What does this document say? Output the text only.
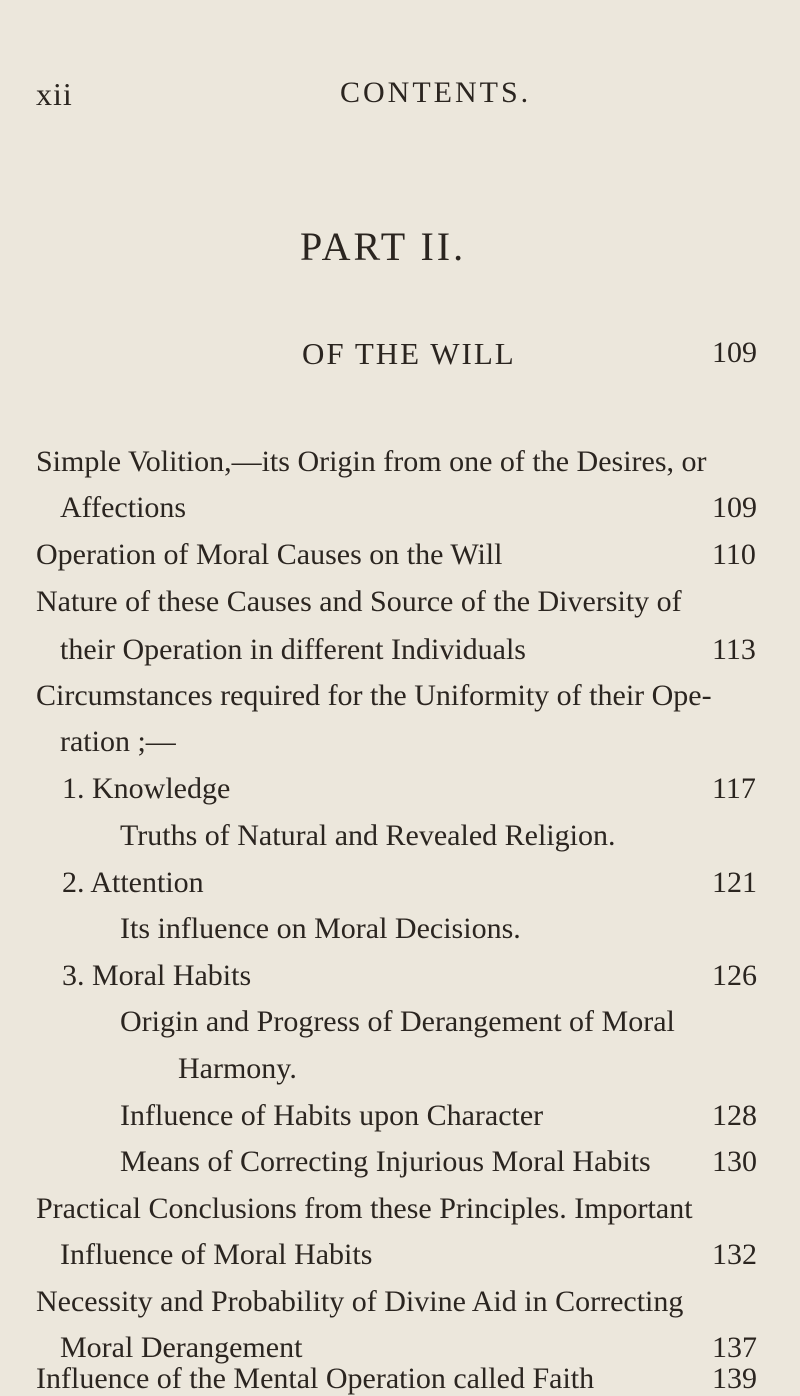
xii	CONTENTS.
PART II.
OF THE WILL	109
Simple Volition,—its Origin from one of the Desires, or
Affections	109
Operation of Moral Causes on the Will	110
Nature of these Causes and Source of the Diversity of
their Operation in different Individuals	113
Circumstances required for the Uniformity of their Ope-
ration ;—
1. Knowledge	117
Truths of Natural and Revealed Religion.
2. Attention	121
Its influence on Moral Decisions.
3. Moral Habits	126
Origin and Progress of Derangement of Moral
Harmony.
Influence of Habits upon Character	128
Means of Correcting Injurious Moral Habits 130
Practical Conclusions from these Principles. Important
Influence of Moral Habits	132
Necessity and Probability of Divine Aid in Correcting
Moral Derangement	137
Influence of the Mental Operation called Faith	139
